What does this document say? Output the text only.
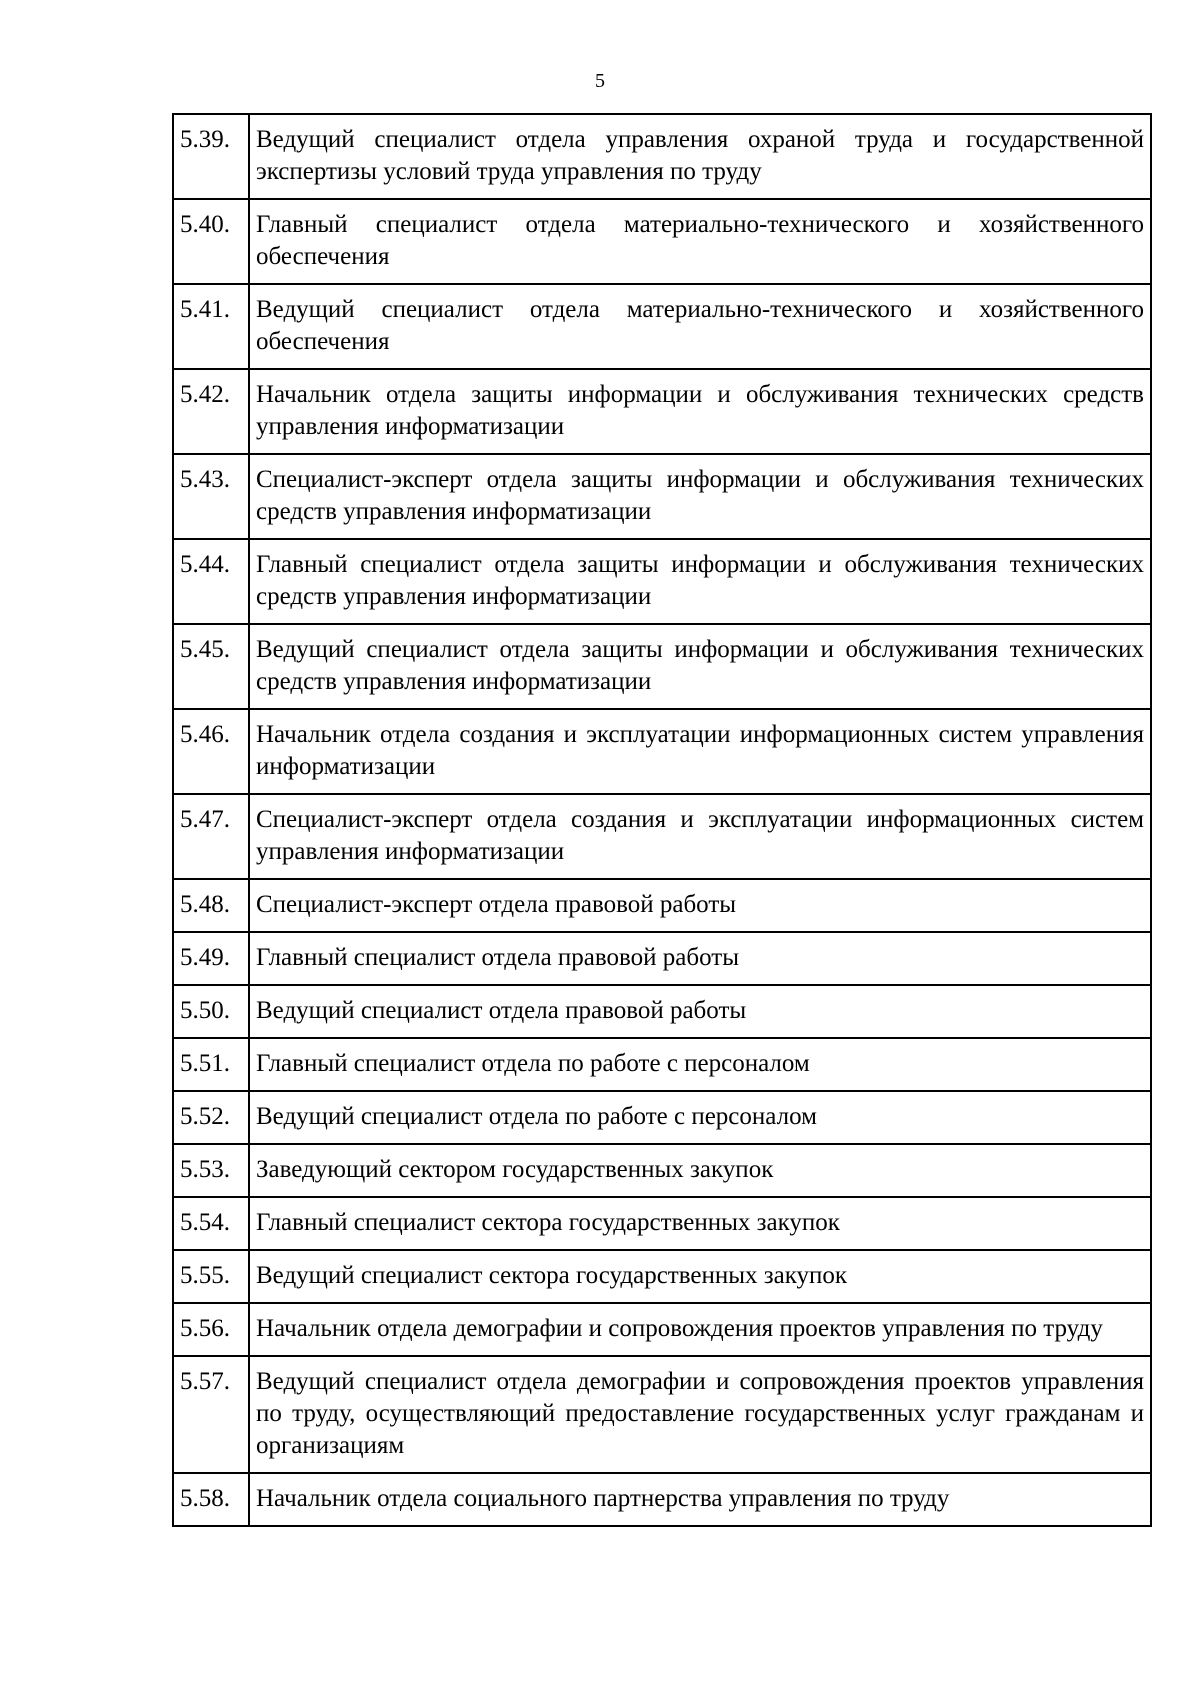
5
5.39.	Ведущий специалист отдела управления охраной труда и государственной экспертизы условий труда управления по труду
5.40.	Главный специалист отдела материально-технического и хозяйственного обеспечения
5.41.	Ведущий специалист отдела материально-технического и хозяйственного обеспечения
5.42.	Начальник отдела защиты информации и обслуживания технических средств управления информатизации
5.43.	Специалист-эксперт отдела защиты информации и обслуживания технических средств управления информатизации
5.44.	Главный специалист отдела защиты информации и обслуживания технических средств управления информатизации
5.45.	Ведущий специалист отдела защиты информации и обслуживания технических средств управления информатизации
5.46.	Начальник отдела создания и эксплуатации информационных систем управления информатизации
5.47.	Специалист-эксперт отдела создания и эксплуатации информационных систем управления информатизации
5.48.	Специалист-эксперт отдела правовой работы
5.49.	Главный специалист отдела правовой работы
5.50.	Ведущий специалист отдела правовой работы
5.51.	Главный специалист отдела по работе с персоналом
5.52.	Ведущий специалист отдела по работе с персоналом
5.53.	Заведующий сектором государственных закупок
5.54.	Главный специалист сектора государственных закупок
5.55.	Ведущий специалист сектора государственных закупок
5.56.	Начальник отдела демографии и сопровождения проектов управления по труду
5.57.	Ведущий специалист отдела демографии и сопровождения проектов управления по труду, осуществляющий предоставление государственных услуг гражданам и организациям
5.58.	Начальник отдела социального партнерства управления по труду
